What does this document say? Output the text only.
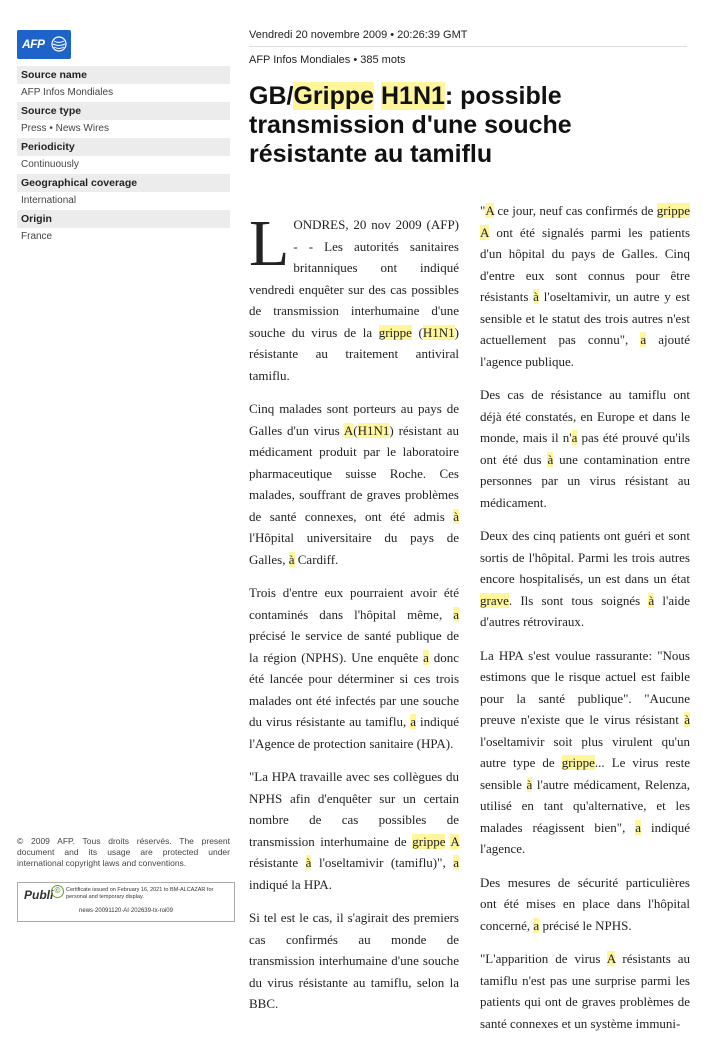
AFP
Source name
AFP Infos Mondiales
Source type
Press • News Wires
Periodicity
Continuously
Geographical coverage
International
Origin
France
© 2009 AFP. Tous droits réservés. The present document and its usage are protected under international copyright laws and conventions.
Publi ©	Certificate issued on February 16, 2021 to BM-ALCAZAR for personal and temporary display.
news·20091120·AI·202639-tx-roi09
Vendredi 20 novembre 2009 • 20:26:39 GMT
AFP Infos Mondiales • 385 mots
GB/Grippe H1N1: possible transmission d'une souche résistante au tamiflu

LONDRES, 20 nov 2009 (AFP) - - Les autorités sanitaires britanniques ont indiqué vendredi enquêter sur des cas possibles de transmission interhumaine d'une souche du virus de la grippe (H1N1) résistante au traitement antiviral tamiflu.

Cinq malades sont porteurs au pays de Galles d'un virus A(H1N1) résistant au médicament produit par le laboratoire pharmaceutique suisse Roche. Ces malades, souffrant de graves problèmes de santé connexes, ont été admis à l'Hôpital universitaire du pays de Galles, à Cardiff.

Trois d'entre eux pourraient avoir été contaminés dans l'hôpital même, a précisé le service de santé publique de la région (NPHS). Une enquête a donc été lancée pour déterminer si ces trois malades ont été infectés par une souche du virus résistante au tamiflu, a indiqué l'Agence de protection sanitaire (HPA).

"La HPA travaille avec ses collègues du NPHS afin d'enquêter sur un certain nombre de cas possibles de transmission interhumaine de grippe A résistante à l'oseltamivir (tamiflu)", a indiqué la HPA.

Si tel est le cas, il s'agirait des premiers cas confirmés au monde de transmission interhumaine d'une souche du virus résistante au tamiflu, selon la BBC.

"A ce jour, neuf cas confirmés de grippe A ont été signalés parmi les patients d'un hôpital du pays de Galles. Cinq d'entre eux sont connus pour être résistants à l'oseltamivir, un autre y est sensible et le statut des trois autres n'est actuellement pas connu", a ajouté l'agence publique.

Des cas de résistance au tamiflu ont déjà été constatés, en Europe et dans le monde, mais il n'a pas été prouvé qu'ils ont été dus à une contamination entre personnes par un virus résistant au médicament.

Deux des cinq patients ont guéri et sont sortis de l'hôpital. Parmi les trois autres encore hospitalisés, un est dans un état grave. Ils sont tous soignés à l'aide d'autres rétroviraux.

La HPA s'est voulue rassurante: "Nous estimons que le risque actuel est faible pour la santé publique". "Aucune preuve n'existe que le virus résistant à l'oseltamivir soit plus virulent qu'un autre type de grippe... Le virus reste sensible à l'autre médicament, Relenza, utilisé en tant qu'alternative, et les malades réagissent bien", a indiqué l'agence.

Des mesures de sécurité particulières ont été mises en place dans l'hôpital concerné, a précisé le NPHS.

"L'apparition de virus A résistants au tamiflu n'est pas une surprise parmi les patients qui ont de graves problèmes de santé connexes et un système immuni-
